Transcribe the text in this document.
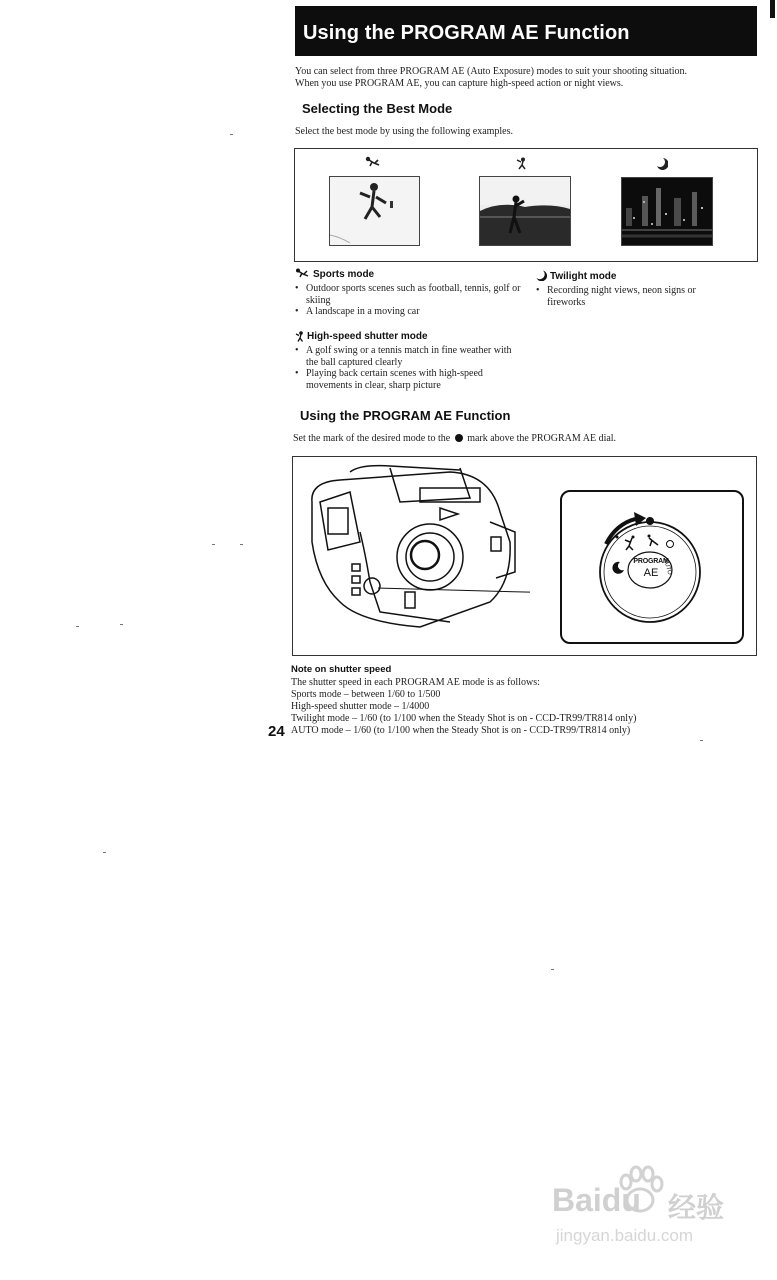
Using the PROGRAM AE Function
You can select from three PROGRAM AE (Auto Exposure) modes to suit your shooting situation.
When you use PROGRAM AE, you can capture high-speed action or night views.
Selecting the Best Mode
Select the best mode by using the following examples.
Sports mode
• Outdoor sports scenes such as football, tennis, golf or skiing
• A landscape in a moving car
High-speed shutter mode
• A golf swing or a tennis match in fine weather with the ball captured clearly
• Playing back certain scenes with high-speed movements in clear, sharp picture
Twilight mode
• Recording night views, neon signs or fireworks
Using the PROGRAM AE Function
Set the mark of the desired mode to the mark above the PROGRAM AE dial.
PROGRAM
AE AUTO
Note on shutter speed
The shutter speed in each PROGRAM AE mode is as follows:
Sports mode – between 1/60 to 1/500
High-speed shutter mode – 1/4000
Twilight mode – 1/60 (to 1/100 when the Steady Shot is on - CCD-TR99/TR814 only)
AUTO mode – 1/60 (to 1/100 when the Steady Shot is on - CCD-TR99/TR814 only)
24
Baidu 经验
jingyan.baidu.com
